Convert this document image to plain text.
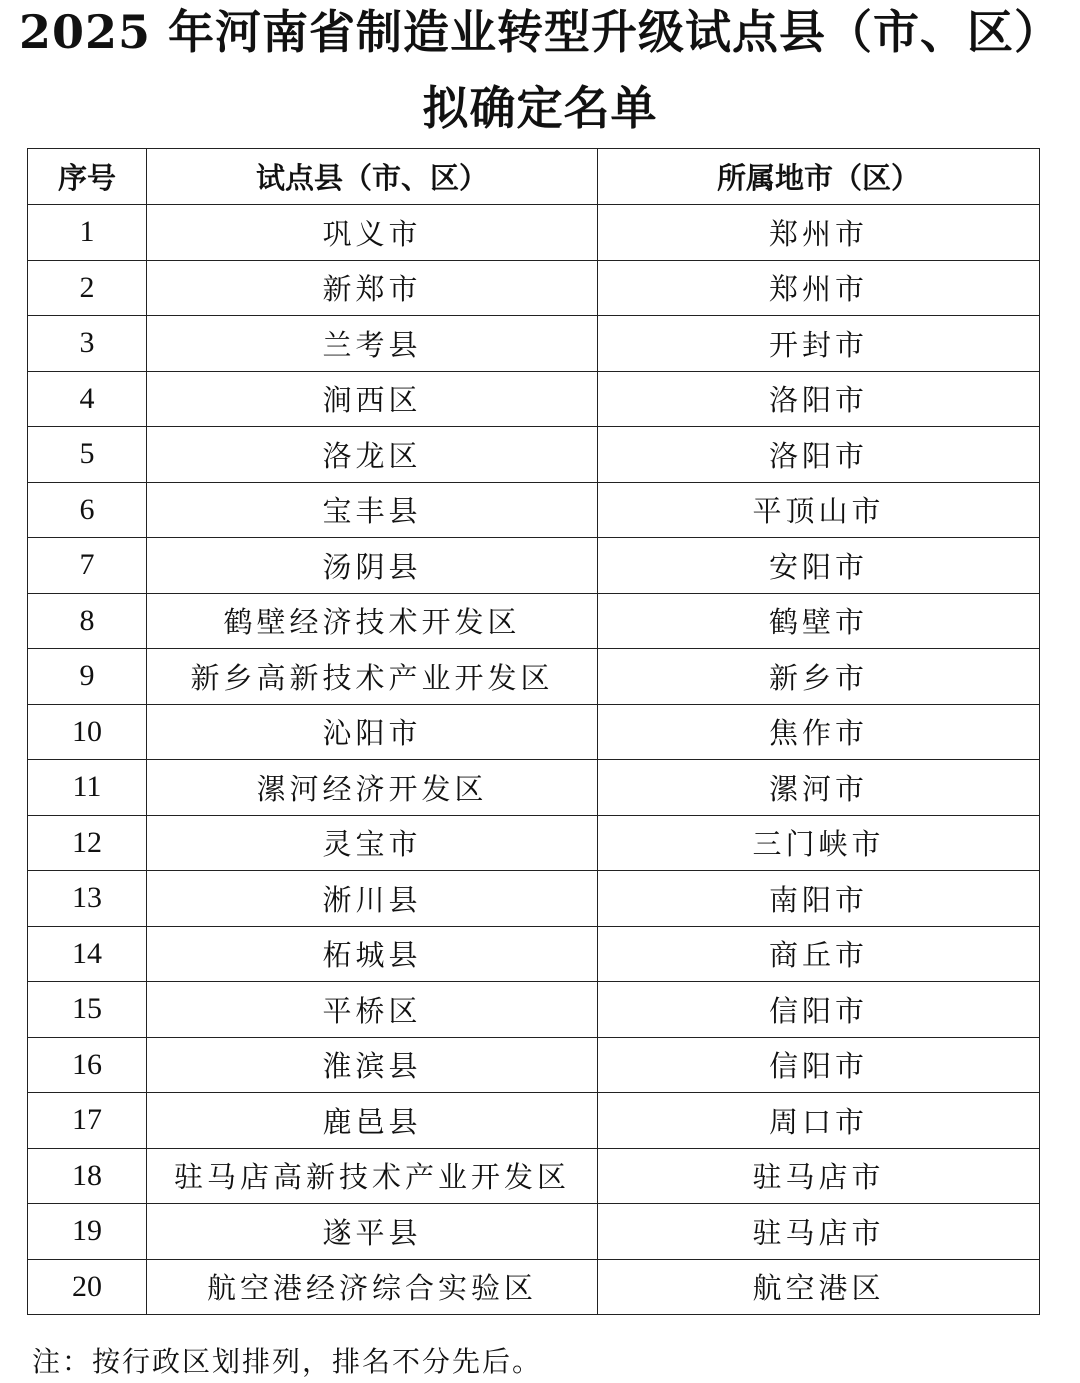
2025 年河南省制造业转型升级试点县（市、区）
拟确定名单
序号	试点县（市、区）	所属地市（区）
1	巩义市	郑州市
2	新郑市	郑州市
3	兰考县	开封市
4	涧西区	洛阳市
5	洛龙区	洛阳市
6	宝丰县	平顶山市
7	汤阴县	安阳市
8	鹤壁经济技术开发区	鹤壁市
9	新乡高新技术产业开发区	新乡市
10	沁阳市	焦作市
11	漯河经济开发区	漯河市
12	灵宝市	三门峡市
13	淅川县	南阳市
14	柘城县	商丘市
15	平桥区	信阳市
16	淮滨县	信阳市
17	鹿邑县	周口市
18	驻马店高新技术产业开发区	驻马店市
19	遂平县	驻马店市
20	航空港经济综合实验区	航空港区
注：按行政区划排列，排名不分先后。
